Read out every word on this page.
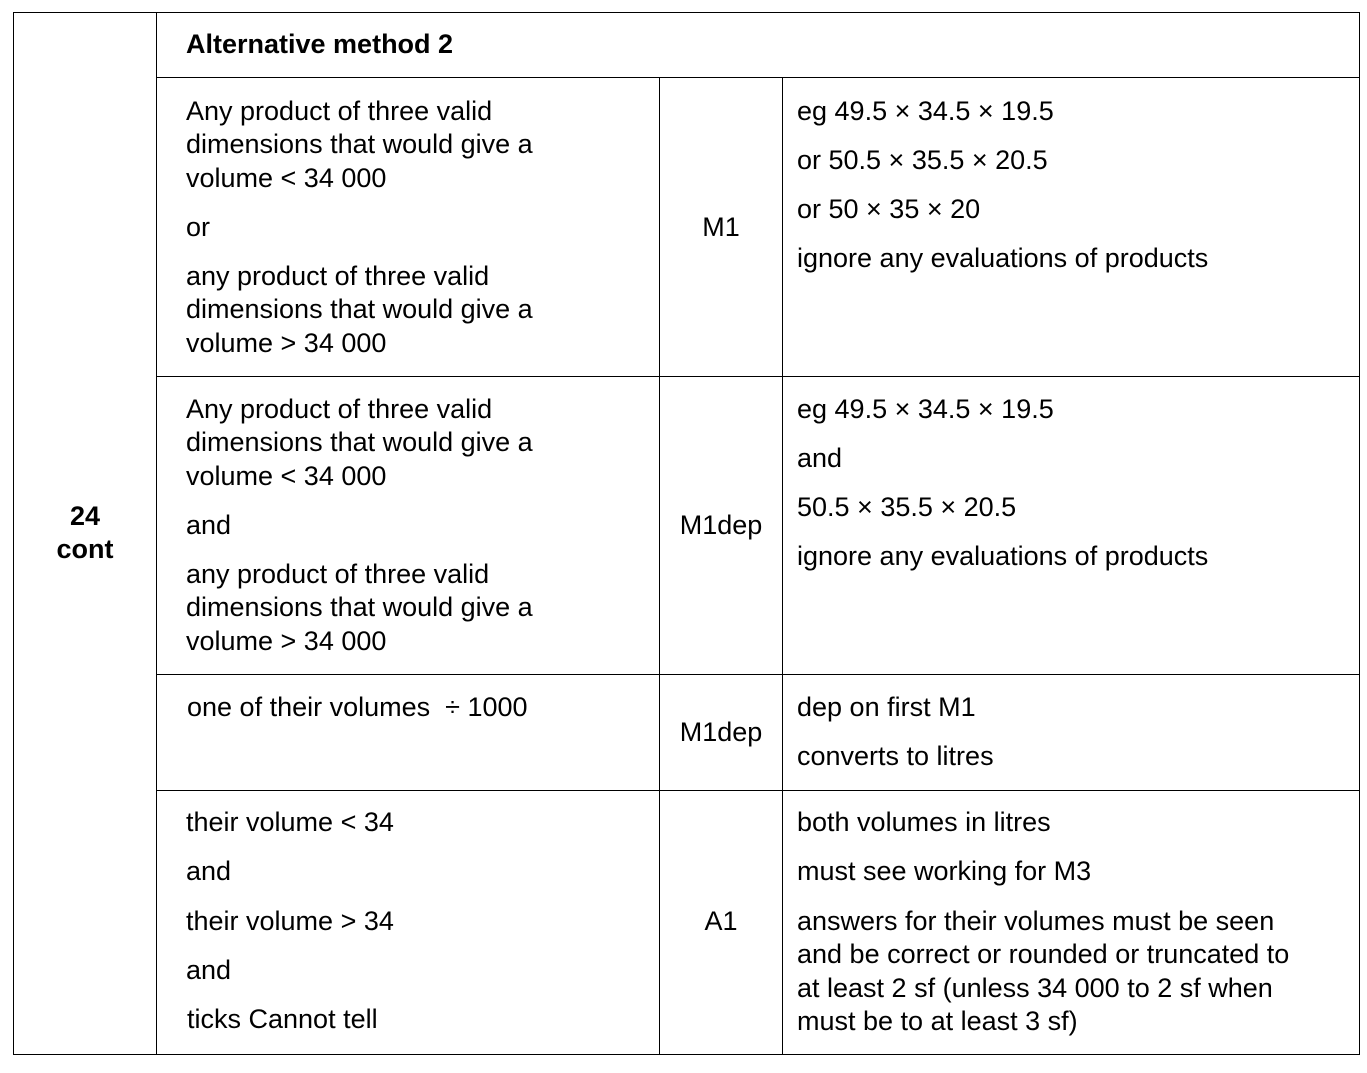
24
cont
Alternative method 2
Any product of three valid
dimensions that would give a
volume < 34 000
or
any product of three valid
dimensions that would give a
volume > 34 000
M1
eg 49.5 × 34.5 × 19.5
or 50.5 × 35.5 × 20.5
or 50 × 35 × 20
ignore any evaluations of products
Any product of three valid
dimensions that would give a
volume < 34 000
and
any product of three valid
dimensions that would give a
volume > 34 000
M1dep
eg 49.5 × 34.5 × 19.5
and
50.5 × 35.5 × 20.5
ignore any evaluations of products
one of their volumes  ÷ 1000
M1dep
dep on first M1
converts to litres
their volume < 34
and
their volume > 34
and
ticks Cannot tell
A1
both volumes in litres
must see working for M3
answers for their volumes must be seen
and be correct or rounded or truncated to
at least 2 sf (unless 34 000 to 2 sf when
must be to at least 3 sf)
